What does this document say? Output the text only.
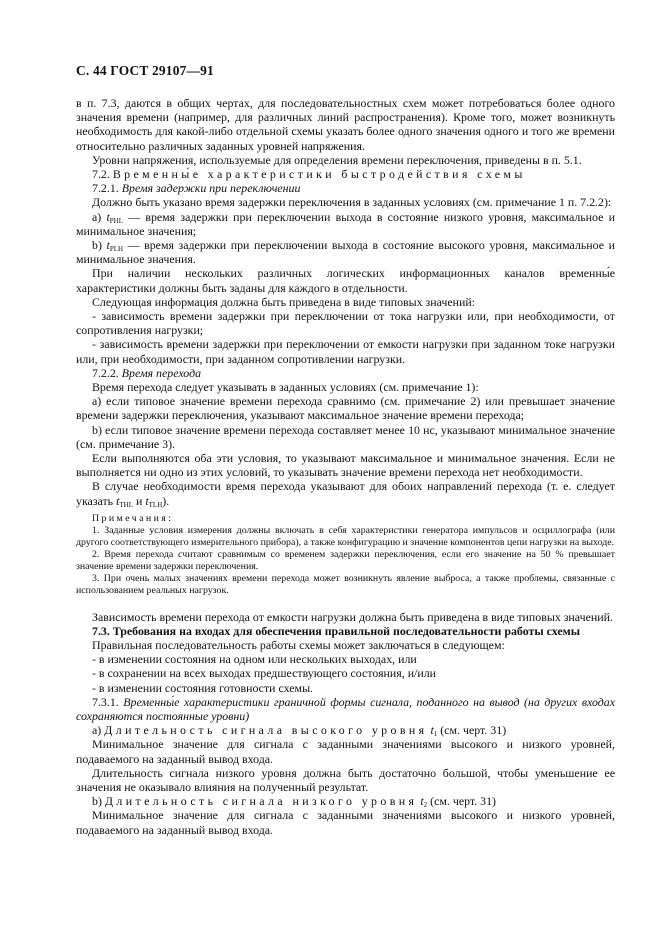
С. 44 ГОСТ 29107—91

в п. 7.3, даются в общих чертах, для последовательностных схем может потребоваться более одного значения времени (например, для различных линий распространения). Кроме того, может возникнуть необходимость для какой-либо отдельной схемы указать более одного значения одного и того же времени относительно различных заданных уровней напряжения.

Уровни напряжения, используемые для определения времени переключения, приведены в п. 5.1.

7.2. Временны́е характеристики быстродействия схемы

7.2.1. Время задержки при переключении

Должно быть указано время задержки переключения в заданных условиях (см. примечание 1 п. 7.2.2):

а) $t_{PHL}$ — время задержки при переключении выхода в состояние низкого уровня, максимальное и минимальное значения;

b) $t_{PLH}$ — время задержки при переключении выхода в состояние высокого уровня, максимальное и минимальное значения.

При наличии нескольких различных логических информационных каналов временны́е характеристики должны быть заданы для каждого в отдельности.

Следующая информация должна быть приведена в виде типовых значений:

- зависимость времени задержки при переключении от тока нагрузки или, при необходимости, от сопротивления нагрузки;

- зависимость времени задержки при переключении от емкости нагрузки при заданном токе нагрузки или, при необходимости, при заданном сопротивлении нагрузки.

7.2.2. Время перехода

Время перехода следует указывать в заданных условиях (см. примечание 1):

а) если типовое значение времени перехода сравнимо (см. примечание 2) или превышает значение времени задержки переключения, указывают максимальное значение времени перехода;

b) если типовое значение времени перехода составляет менее 10 нс, указывают минимальное значение (см. примечание 3).

Если выполняются оба эти условия, то указывают максимальное и минимальное значения. Если не выполняется ни одно из этих условий, то указывать значение времени перехода нет необходимости.

В случае необходимости время перехода указывают для обоих направлений перехода (т. е. следует указать $t_{THL}$ и $t_{TLH}$).

Примечания:

1. Заданные условия измерения должны включать в себя характеристики генератора импульсов и осциллографа (или другого соответствующего измерительного прибора), а также конфигурацию и значение компонентов цепи нагрузки на выходе.

2. Время перехода считают сравнимым со временем задержки переключения, если его значение на 50 % превышает значение времени задержки переключения.

3. При очень малых значениях времени перехода может возникнуть явление выброса, а также проблемы, связанные с использованием реальных нагрузок.

Зависимость времени перехода от емкости нагрузки должна быть приведена в виде типовых значений.

7.3. Требования на входах для обеспечения правильной последовательности работы схемы

Правильная последовательность работы схемы может заключаться в следующем:

- в изменении состояния на одном или нескольких выходах, или

- в сохранении на всех выходах предшествующего состояния, и/или

- в изменении состояния готовности схемы.

7.3.1. Временны́е характеристики граничной формы сигнала, поданного на вывод (на других входах сохраняются постоянные уровни)

а) Длительность сигнала высокого уровня $t_1$ (см. черт. 31)

Минимальное значение для сигнала с заданными значениями высокого и низкого уровней, подаваемого на заданный вывод входа.

Длительность сигнала низкого уровня должна быть достаточно большой, чтобы уменьшение ее значения не оказывало влияния на полученный результат.

b) Длительность сигнала низкого уровня $t_2$ (см. черт. 31)

Минимальное значение для сигнала с заданными значениями высокого и низкого уровней, подаваемого на заданный вывод входа.
